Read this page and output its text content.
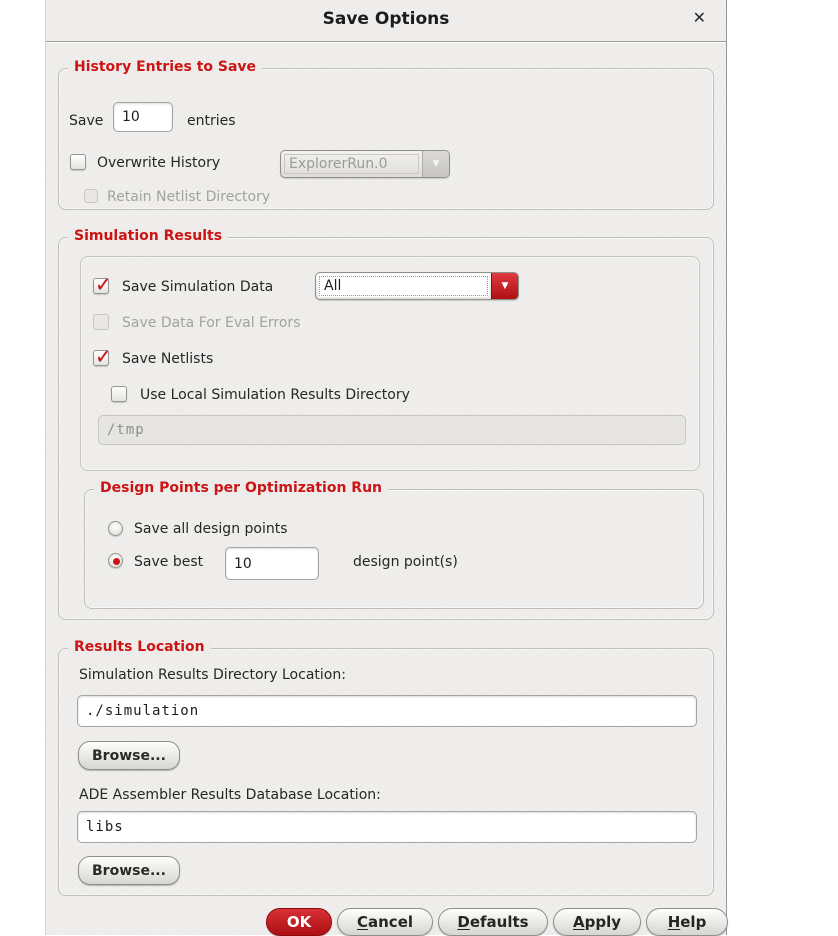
Save Options	✕
History Entries to Save
Save
10	entries
Overwrite History	ExplorerRun.0	▼
Retain Netlist Directory
Simulation Results
✓
Save Simulation Data	All	▼
Save Data For Eval Errors
✓
Save Netlists
Use Local Simulation Results Directory
/tmp
Design Points per Optimization Run
Save all design points
Save best
10	design point(s)
Results Location
Simulation Results Directory Location:
./simulation
Browse...
ADE Assembler Results Database Location:
libs
Browse...
OK	Cancel	Defaults	Apply	Help
